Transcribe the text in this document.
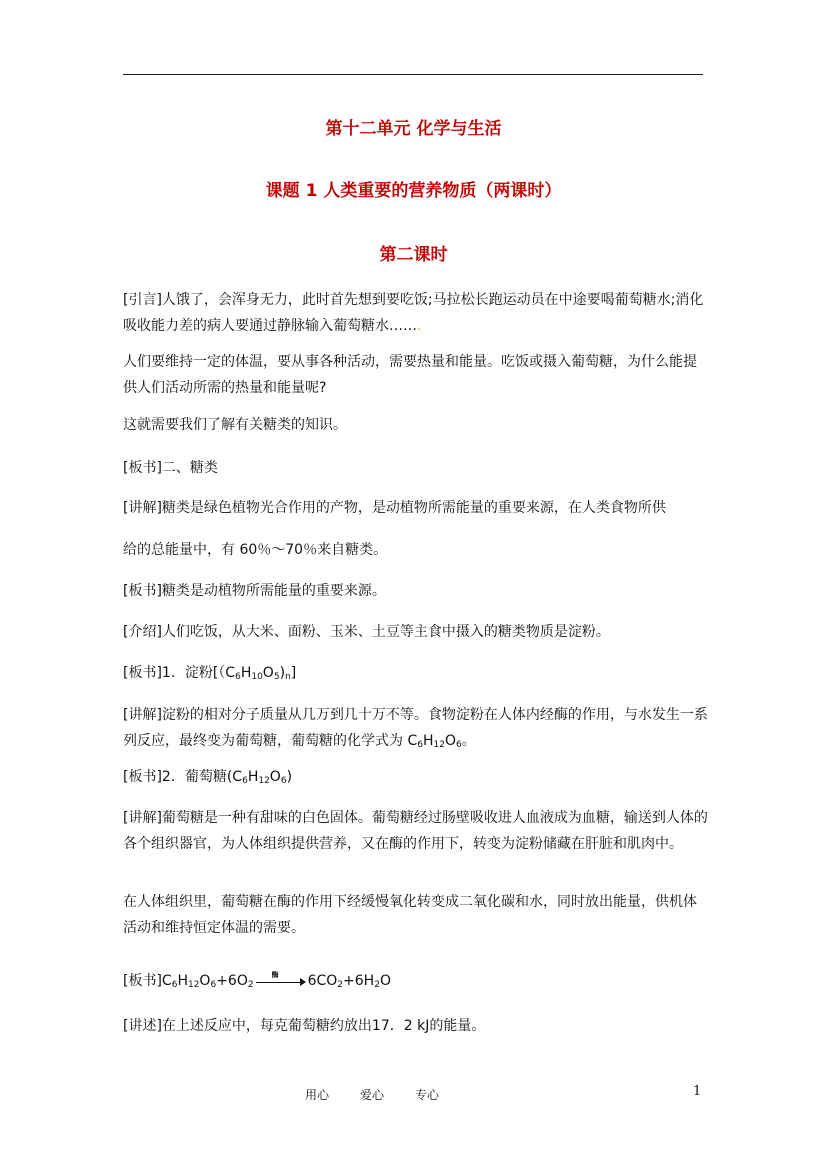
第十二单元 化学与生活
课题 1 人类重要的营养物质（两课时）
第二课时

[引言]人饿了，会浑身无力，此时首先想到要吃饭;马拉松长跑运动员在中途要喝葡萄糖水;消化吸收能力差的病人要通过静脉输入葡萄糖水…….

人们要维持一定的体温，要从事各种活动，需要热量和能量。吃饭或摄入葡萄糖，为什么能提供人们活动所需的热量和能量呢?

这就需要我们了解有关糖类的知识。

[板书]二、糖类

[讲解]糖类是绿色植物光合作用的产物，是动植物所需能量的重要来源，在人类食物所供

给的总能量中，有 60％～70％来自糖类。

[板书]糖类是动植物所需能量的重要来源。

[介绍]人们吃饭，从大米、面粉、玉米、土豆等主食中摄入的糖类物质是淀粉。

[板书]1．淀粉$[(C_6H_{10}O_5)_n]$

[讲解]淀粉的相对分子质量从几万到几十万不等。食物淀粉在人体内经酶的作用，与水发生一系列反应，最终变为葡萄糖，葡萄糖的化学式为 $C_6H_{12}O_6$。

[板书]2．葡萄糖$(C_6H_{12}O_6)$

[讲解]葡萄糖是一种有甜味的白色固体。葡萄糖经过肠壁吸收进人血液成为血糖，输送到人体的各个组织器官，为人体组织提供营养，又在酶的作用下，转变为淀粉储藏在肝脏和肌肉中。

在人体组织里，葡萄糖在酶的作用下经缓慢氧化转变成二氧化碳和水，同时放出能量，供机体活动和维持恒定体温的需要。

[板书]$C_6H_{12}O_6+6O_2$
酶 $6CO_2+6H_2O$

[讲述]在上述反应中，每克葡萄糖约放出17．2 kJ的能量。

用心	爱心	专心	1
